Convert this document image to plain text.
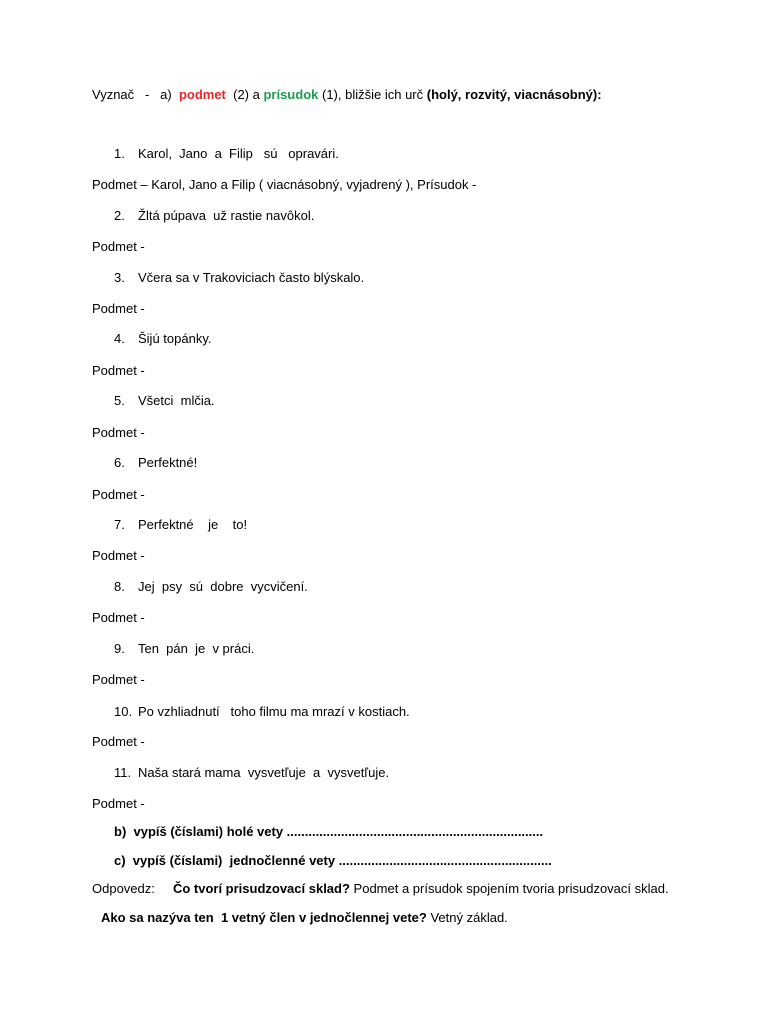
Vyznač   -   a)  podmet  (2) a prísudok (1), bližšie ich urč (holý, rozvitý, viacnásobný):
1. Karol,  Jano  a  Filip   sú   opravári.
Podmet – Karol, Jano a Filip ( viacnásobný, vyjadrený ), Prísudok -
2. Žltá púpava  už rastie navôkol.
Podmet -
3. Včera sa v Trakoviciach často blýskalo.
Podmet -
4. Šijú topánky.
Podmet -
5. Všetci  mlčia.
Podmet -
6. Perfektné!
Podmet -
7. Perfektné    je    to!
Podmet -
8. Jej  psy  sú  dobre  vycvičení.
Podmet -
9. Ten  pán  je  v práci.
Podmet -
10. Po vzhliadnutí   toho filmu ma mrazí v kostiach.
Podmet -
11. Naša stará mama  vysvetľuje  a  vysvetľuje.
Podmet -
b)  vypíš (číslami) holé vety .......................................................................
c)  vypíš (číslami)  jednočlenné vety ...........................................................
Odpovedz: Čo tvorí prisudzovací sklad? Podmet a prísudok spojením tvoria prisudzovací sklad.
Ako sa nazýva ten  1 vetný člen v jednočlennej vete? Vetný základ.
